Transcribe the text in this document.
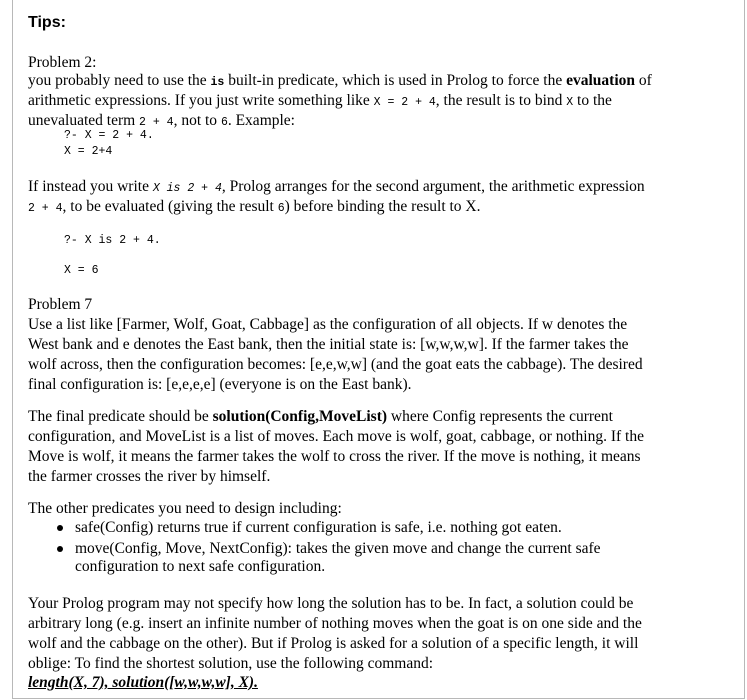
Tips:

Problem 2:

you probably need to use the is built-in predicate, which is used in Prolog to force the evaluation of

arithmetic expressions. If you just write something like X = 2 + 4, the result is to bind X to the

unevaluated term 2 + 4, not to 6. Example:

?- X = 2 + 4.
X = 2+4

If instead you write X is 2 + 4, Prolog arranges for the second argument, the arithmetic expression

2 + 4, to be evaluated (giving the result 6) before binding the result to X.

?- X is 2 + 4.
X = 6

Problem 7

Use a list like [Farmer, Wolf, Goat, Cabbage] as the configuration of all objects. If w denotes the

West bank and e denotes the East bank, then the initial state is: [w,w,w,w]. If the farmer takes the

wolf across, then the configuration becomes: [e,e,w,w] (and the goat eats the cabbage). The desired

final configuration is: [e,e,e,e] (everyone is on the East bank).

The final predicate should be solution(Config,MoveList) where Config represents the current

configuration, and MoveList is a list of moves. Each move is wolf, goat, cabbage, or nothing. If the

Move is wolf, it means the farmer takes the wolf to cross the river. If the move is nothing, it means

the farmer crosses the river by himself.

The other predicates you need to design including:

safe(Config) returns true if current configuration is safe, i.e. nothing got eaten.

move(Config, Move, NextConfig): takes the given move and change the current safe

configuration to next safe configuration.

Your Prolog program may not specify how long the solution has to be. In fact, a solution could be

arbitrary long (e.g. insert an infinite number of nothing moves when the goat is on one side and the

wolf and the cabbage on the other). But if Prolog is asked for a solution of a specific length, it will

oblige: To find the shortest solution, use the following command:

length(X, 7), solution([w,w,w,w], X).
